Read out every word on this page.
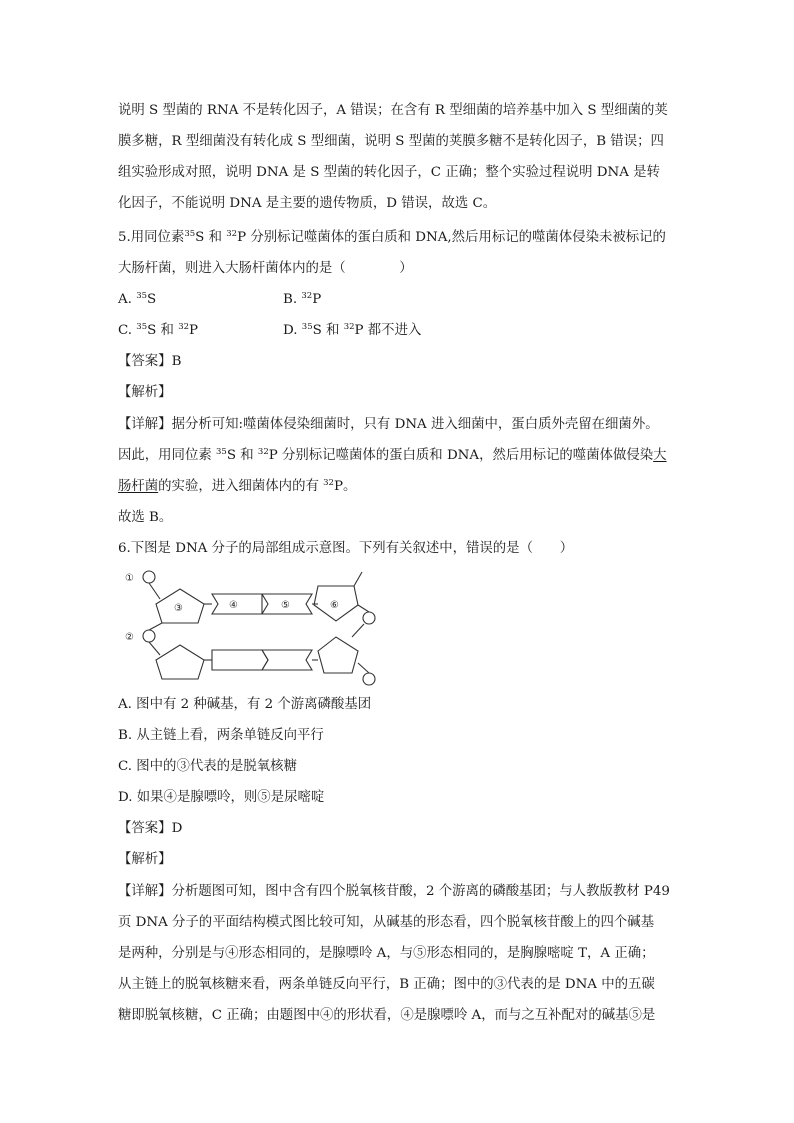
说明 S 型菌的 RNA 不是转化因子，A 错误；在含有 R 型细菌的培养基中加入 S 型细菌的荚
膜多糖，R 型细菌没有转化成 S 型细菌，说明 S 型菌的荚膜多糖不是转化因子，B 错误；四
组实验形成对照，说明 DNA 是 S 型菌的转化因子，C 正确；整个实验过程说明 DNA 是转
化因子，不能说明 DNA 是主要的遗传物质，D 错误，故选 C。
5.用同位素$^{35}$S 和 $^{32}$P 分别标记噬菌体的蛋白质和 DNA,然后用标记的噬菌体侵染未被标记的
大肠杆菌，则进入大肠杆菌体内的是（　　　　）
A. $^{35}$S	B. $^{32}$P
C. $^{35}$S 和 $^{32}$P	D. $^{35}$S 和 $^{32}$P 都不进入
【答案】B
【解析】
【详解】据分析可知:噬菌体侵染细菌时，只有 DNA 进入细菌中，蛋白质外壳留在细菌外。
因此，用同位素 $^{35}$S 和 $^{32}$P 分别标记噬菌体的蛋白质和 DNA，然后用标记的噬菌体做侵染大
肠杆菌的实验，进入细菌体内的有 $^{32}$P。
故选 B。
6.下图是 DNA 分子的局部组成示意图。下列有关叙述中，错误的是（　　）
①
②
③	④	⑤	⑥
A. 图中有 2 种碱基，有 2 个游离磷酸基团
B. 从主链上看，两条单链反向平行
C. 图中的③代表的是脱氧核糖
D. 如果④是腺嘌呤，则⑤是尿嘧啶
【答案】D
【解析】
【详解】分析题图可知，图中含有四个脱氧核苷酸，2 个游离的磷酸基团；与人教版教材 P49
页 DNA 分子的平面结构模式图比较可知，从碱基的形态看，四个脱氧核苷酸上的四个碱基
是两种，分别是与④形态相同的，是腺嘌呤 A，与⑤形态相同的，是胸腺嘧啶 T，A 正确；
从主链上的脱氧核糖来看，两条单链反向平行，B 正确；图中的③代表的是 DNA 中的五碳
糖即脱氧核糖，C 正确；由题图中④的形状看，④是腺嘌呤 A，而与之互补配对的碱基⑤是
